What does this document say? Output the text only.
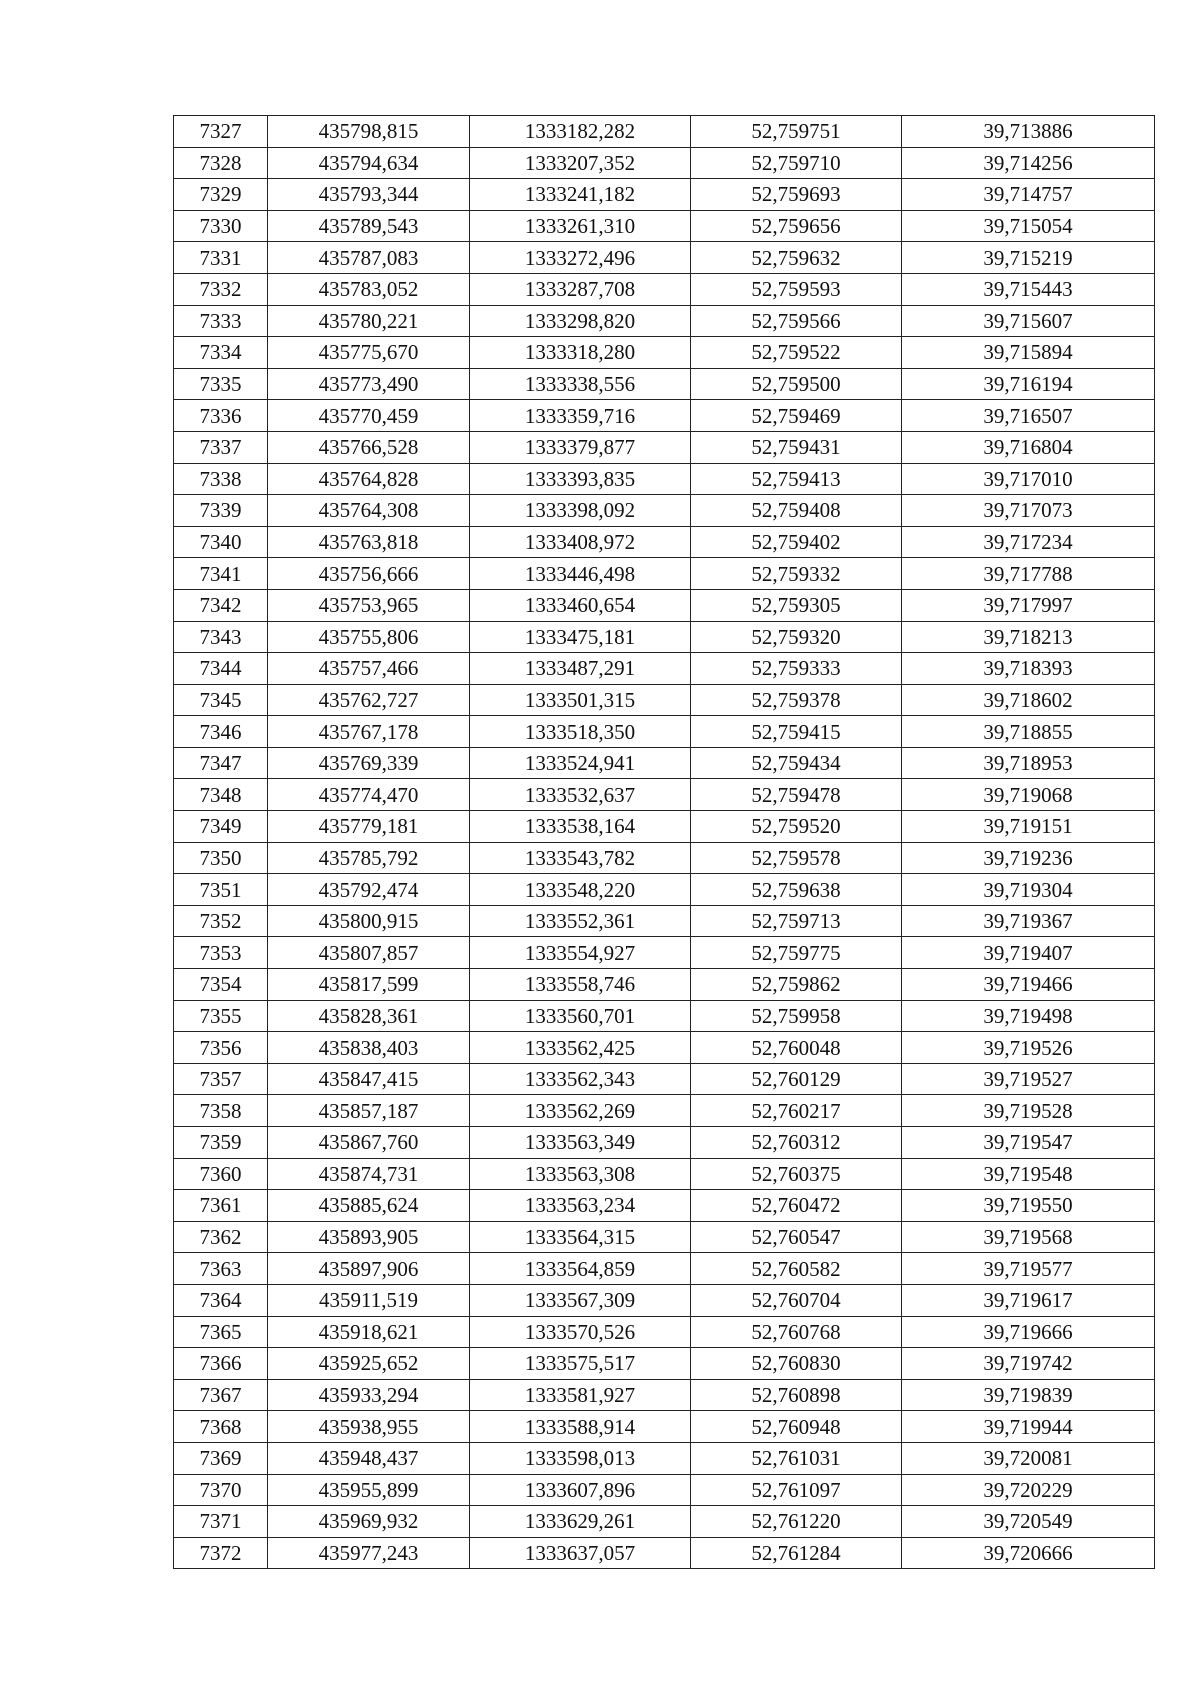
7327	435798,815	1333182,282	52,759751	39,713886
7328	435794,634	1333207,352	52,759710	39,714256
7329	435793,344	1333241,182	52,759693	39,714757
7330	435789,543	1333261,310	52,759656	39,715054
7331	435787,083	1333272,496	52,759632	39,715219
7332	435783,052	1333287,708	52,759593	39,715443
7333	435780,221	1333298,820	52,759566	39,715607
7334	435775,670	1333318,280	52,759522	39,715894
7335	435773,490	1333338,556	52,759500	39,716194
7336	435770,459	1333359,716	52,759469	39,716507
7337	435766,528	1333379,877	52,759431	39,716804
7338	435764,828	1333393,835	52,759413	39,717010
7339	435764,308	1333398,092	52,759408	39,717073
7340	435763,818	1333408,972	52,759402	39,717234
7341	435756,666	1333446,498	52,759332	39,717788
7342	435753,965	1333460,654	52,759305	39,717997
7343	435755,806	1333475,181	52,759320	39,718213
7344	435757,466	1333487,291	52,759333	39,718393
7345	435762,727	1333501,315	52,759378	39,718602
7346	435767,178	1333518,350	52,759415	39,718855
7347	435769,339	1333524,941	52,759434	39,718953
7348	435774,470	1333532,637	52,759478	39,719068
7349	435779,181	1333538,164	52,759520	39,719151
7350	435785,792	1333543,782	52,759578	39,719236
7351	435792,474	1333548,220	52,759638	39,719304
7352	435800,915	1333552,361	52,759713	39,719367
7353	435807,857	1333554,927	52,759775	39,719407
7354	435817,599	1333558,746	52,759862	39,719466
7355	435828,361	1333560,701	52,759958	39,719498
7356	435838,403	1333562,425	52,760048	39,719526
7357	435847,415	1333562,343	52,760129	39,719527
7358	435857,187	1333562,269	52,760217	39,719528
7359	435867,760	1333563,349	52,760312	39,719547
7360	435874,731	1333563,308	52,760375	39,719548
7361	435885,624	1333563,234	52,760472	39,719550
7362	435893,905	1333564,315	52,760547	39,719568
7363	435897,906	1333564,859	52,760582	39,719577
7364	435911,519	1333567,309	52,760704	39,719617
7365	435918,621	1333570,526	52,760768	39,719666
7366	435925,652	1333575,517	52,760830	39,719742
7367	435933,294	1333581,927	52,760898	39,719839
7368	435938,955	1333588,914	52,760948	39,719944
7369	435948,437	1333598,013	52,761031	39,720081
7370	435955,899	1333607,896	52,761097	39,720229
7371	435969,932	1333629,261	52,761220	39,720549
7372	435977,243	1333637,057	52,761284	39,720666
